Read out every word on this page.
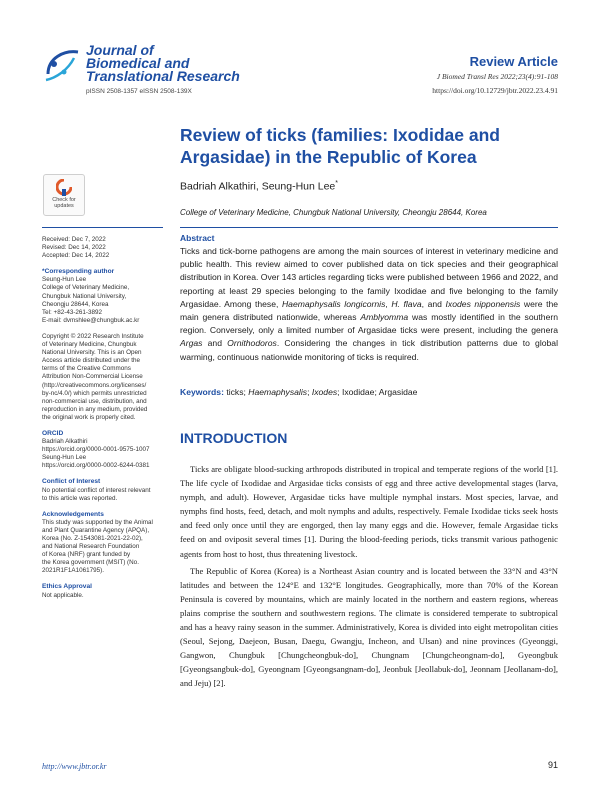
Journal of
Biomedical and
Translational Research
pISSN 2508-1357 eISSN 2508-139X
Review Article
J Biomed Transl Res 2022;23(4):91-108
https://doi.org/10.12729/jbtr.2022.23.4.91
Review of ticks (families: Ixodidae and Argasidae) in the Republic of Korea
Badriah Alkathiri, Seung-Hun Lee*
College of Veterinary Medicine, Chungbuk National University, Cheongju 28644, Korea
Check for
updates
Received: Dec 7, 2022
Revised: Dec 14, 2022
Accepted: Dec 14, 2022
*Corresponding author
Seung-Hun Lee
College of Veterinary Medicine,
Chungbuk National University,
Cheongju 28644, Korea
Tel: +82-43-261-3892
E-mail: dvmshlee@chungbuk.ac.kr
Copyright © 2022 Research Institute
of Veterinary Medicine, Chungbuk
National University. This is an Open
Access article distributed under the
terms of the Creative Commons
Attribution Non-Commercial License
(http://creativecommons.org/licenses/
by-nc/4.0/) which permits unrestricted
non-commercial use, distribution, and
reproduction in any medium, provided
the original work is properly cited.
ORCID
Badriah Alkathiri
https://orcid.org/0000-0001-9575-1007
Seung-Hun Lee
https://orcid.org/0000-0002-6244-0381
Conflict of Interest
No potential conflict of interest relevant
to this article was reported.
Acknowledgements
This study was supported by the Animal
and Plant Quarantine Agency (APQA),
Korea (No. Z-1543081-2021-22-02),
and National Research Foundation
of Korea (NRF) grant funded by
the Korea government (MSIT) (No.
2021R1F1A1061795).
Ethics Approval
Not applicable.
Abstract
Ticks and tick-borne pathogens are among the main sources of interest in veterinary medicine and public health. This review aimed to cover published data on tick species and their geographical distribution in Korea. Over 143 articles regarding ticks were published between 1966 and 2022, and reporting at least 29 species belonging to the family Ixodidae and five belonging to the family Argasidae. Among these, Haemaphysalis longicornis, H. flava, and Ixodes nipponensis were the main genera distributed nationwide, whereas Amblyomma was mostly identified in the southern region. Conversely, only a limited number of Argasidae ticks were present, including the genera Argas and Ornithodoros. Considering the changes in tick distribution patterns due to global warming, continuous nationwide monitoring of ticks is required.
Keywords: ticks; Haemaphysalis; Ixodes; Ixodidae; Argasidae
INTRODUCTION

Ticks are obligate blood-sucking arthropods distributed in tropical and temperate regions of the world [1]. The life cycle of Ixodidae and Argasidae ticks consists of egg and three active developmental stages (larva, nymph, and adult). However, Argasidae ticks have multiple nymphal instars. Most species, larvae, and nymphs find hosts, feed, detach, and molt nymphs and adults, respectively. Female Ixodidae ticks seek hosts and feed only once until they are engorged, then lay many eggs and die. However, female Argasidae ticks feed on and oviposit several times [1]. During the blood-feeding periods, ticks transmit various pathogenic agents from host to host, thus threatening livestock.

The Republic of Korea (Korea) is a Northeast Asian country and is located between the 33°N and 43°N latitudes and between the 124°E and 132°E longitudes. Geographically, more than 70% of the Korean Peninsula is covered by mountains, which are mainly located in the northern and eastern regions, whereas plains comprise the southern and southwestern regions. The climate is considered temperate to subtropical and has a heavy rainy season in the summer. Administratively, Korea is divided into eight metropolitan cities (Seoul, Sejong, Daejeon, Busan, Daegu, Gwangju, Incheon, and Ulsan) and nine provinces (Gyeonggi, Gangwon, Chungbuk [Chungcheongbuk-do], Chungnam [Chungcheongnam-do], Gyeongbuk [Gyeongsangbuk-do], Gyeongnam [Gyeongsangnam-do], Jeonbuk [Jeollabuk-do], Jeonnam [Jeollanam-do], and Jeju) [2].

http://www.jbtr.or.kr	91
